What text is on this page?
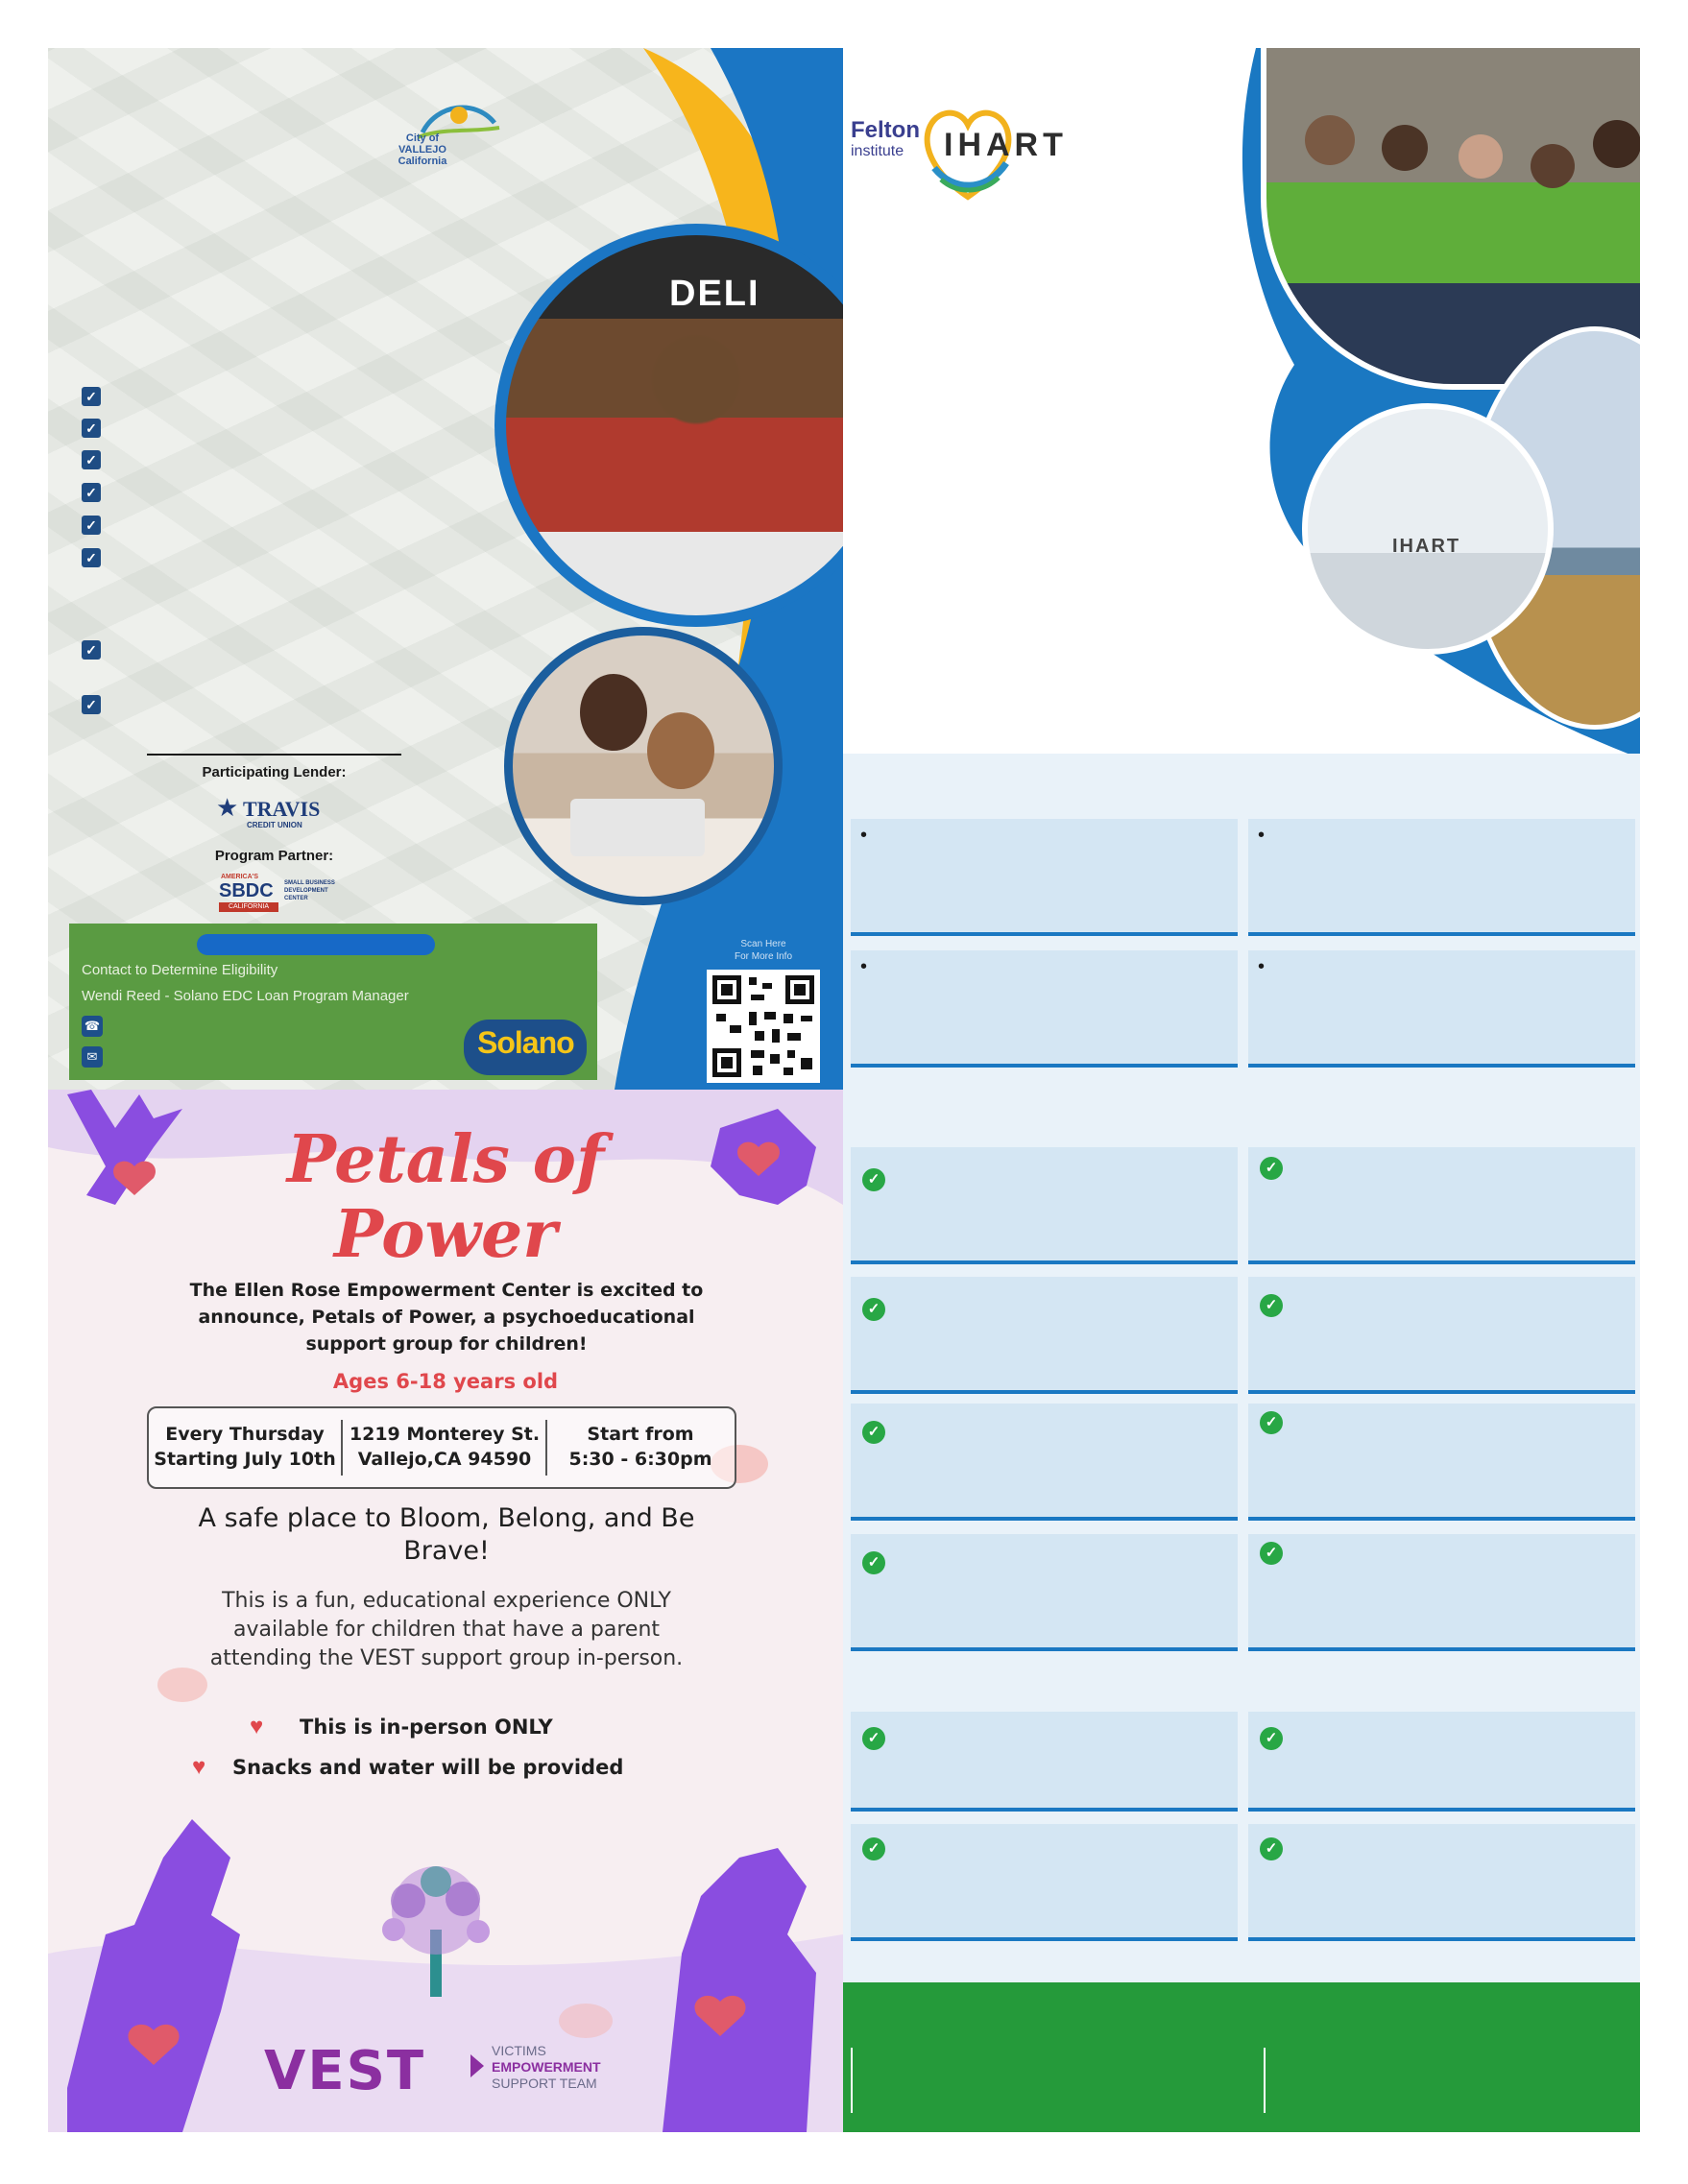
City of VALLEJO California
✓
✓
✓
✓
✓
✓
✓
✓
DELI
Participating Lender:
★ TRAVIS
CREDIT UNION
Program Partner:
AMERICA'S
SBDC
CALIFORNIA
SMALL BUSINESS DEVELOPMENT CENTER
Contact to Determine Eligibility
Wendi Reed - Solano EDC Loan Program Manager
☎
✉	Solano
Scan Here
For More Info
Petals of
Power
The Ellen Rose Empowerment Center is excited to announce, Petals of Power, a psychoeducational support group for children!
Ages 6-18 years old
Every Thursday
Starting July 10th
1219 Monterey St.
Vallejo,CA 94590
Start from
5:30 - 6:30pm
A safe place to Bloom, Belong, and Be Brave!
This is a fun, educational experience ONLY available for children that have a parent attending the VEST support group in-person.
♥ This is in-person ONLY
♥ Snacks and water will be provided
VEST	VICTIMS
EMPOWERMENT
SUPPORT TEAM
Felton
institute	IHART
IHART
•	•
•	•
✓
✓
✓	✓
✓
✓
✓
✓
✓	✓
✓	✓
